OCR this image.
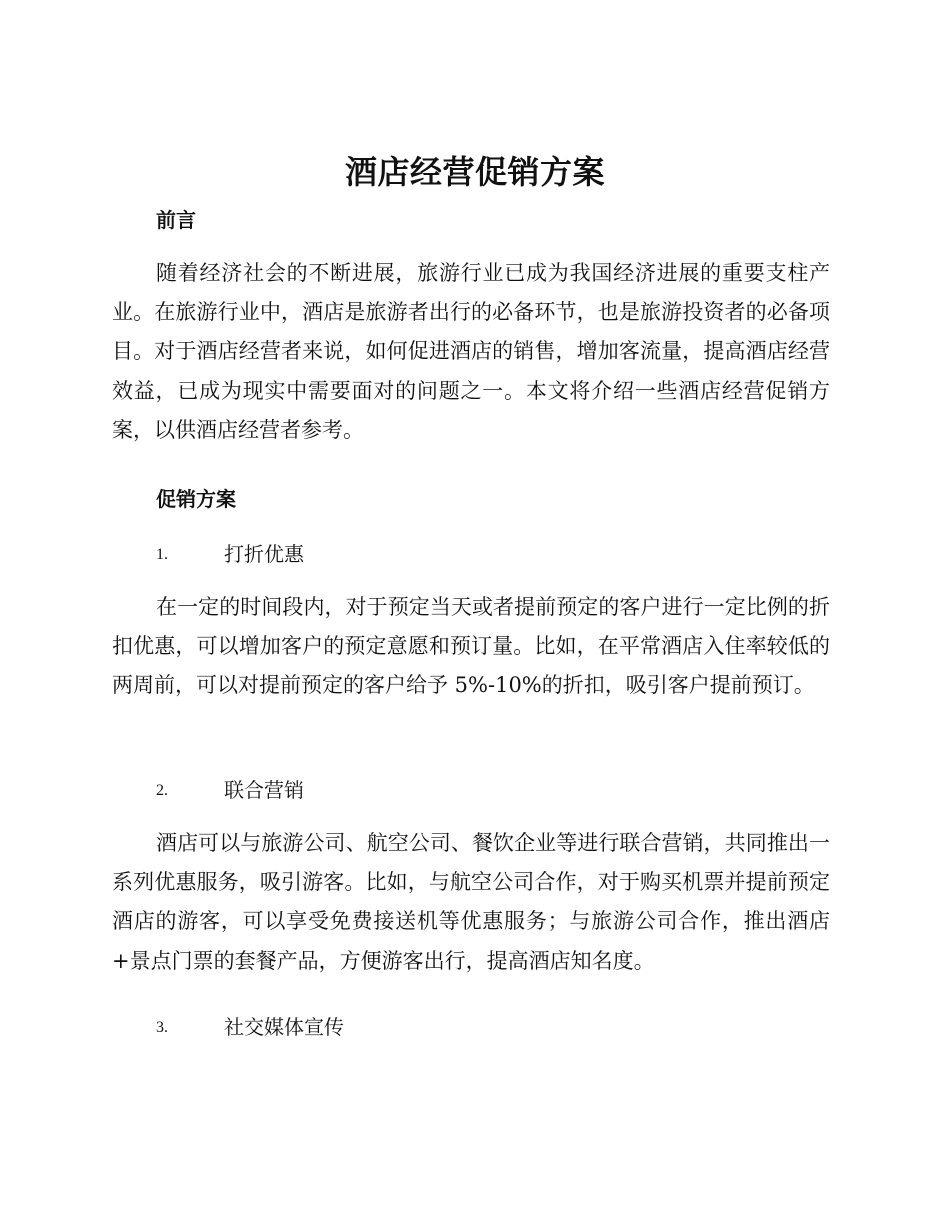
酒店经营促销方案
前言

随着经济社会的不断进展，旅游行业已成为我国经济进展的重要支柱产业。在旅游行业中，酒店是旅游者出行的必备环节，也是旅游投资者的必备项目。对于酒店经营者来说，如何促进酒店的销售，增加客流量，提高酒店经营效益，已成为现实中需要面对的问题之一。本文将介绍一些酒店经营促销方案，以供酒店经营者参考。

促销方案
1.	打折优惠

在一定的时间段内，对于预定当天或者提前预定的客户进行一定比例的折扣优惠，可以增加客户的预定意愿和预订量。比如，在平常酒店入住率较低的两周前，可以对提前预定的客户给予 5%-10%的折扣，吸引客户提前预订。

2.	联合营销

酒店可以与旅游公司、航空公司、餐饮企业等进行联合营销，共同推出一系列优惠服务，吸引游客。比如，与航空公司合作，对于购买机票并提前预定酒店的游客，可以享受免费接送机等优惠服务；与旅游公司合作，推出酒店+景点门票的套餐产品，方便游客出行，提高酒店知名度。

3.	社交媒体宣传
